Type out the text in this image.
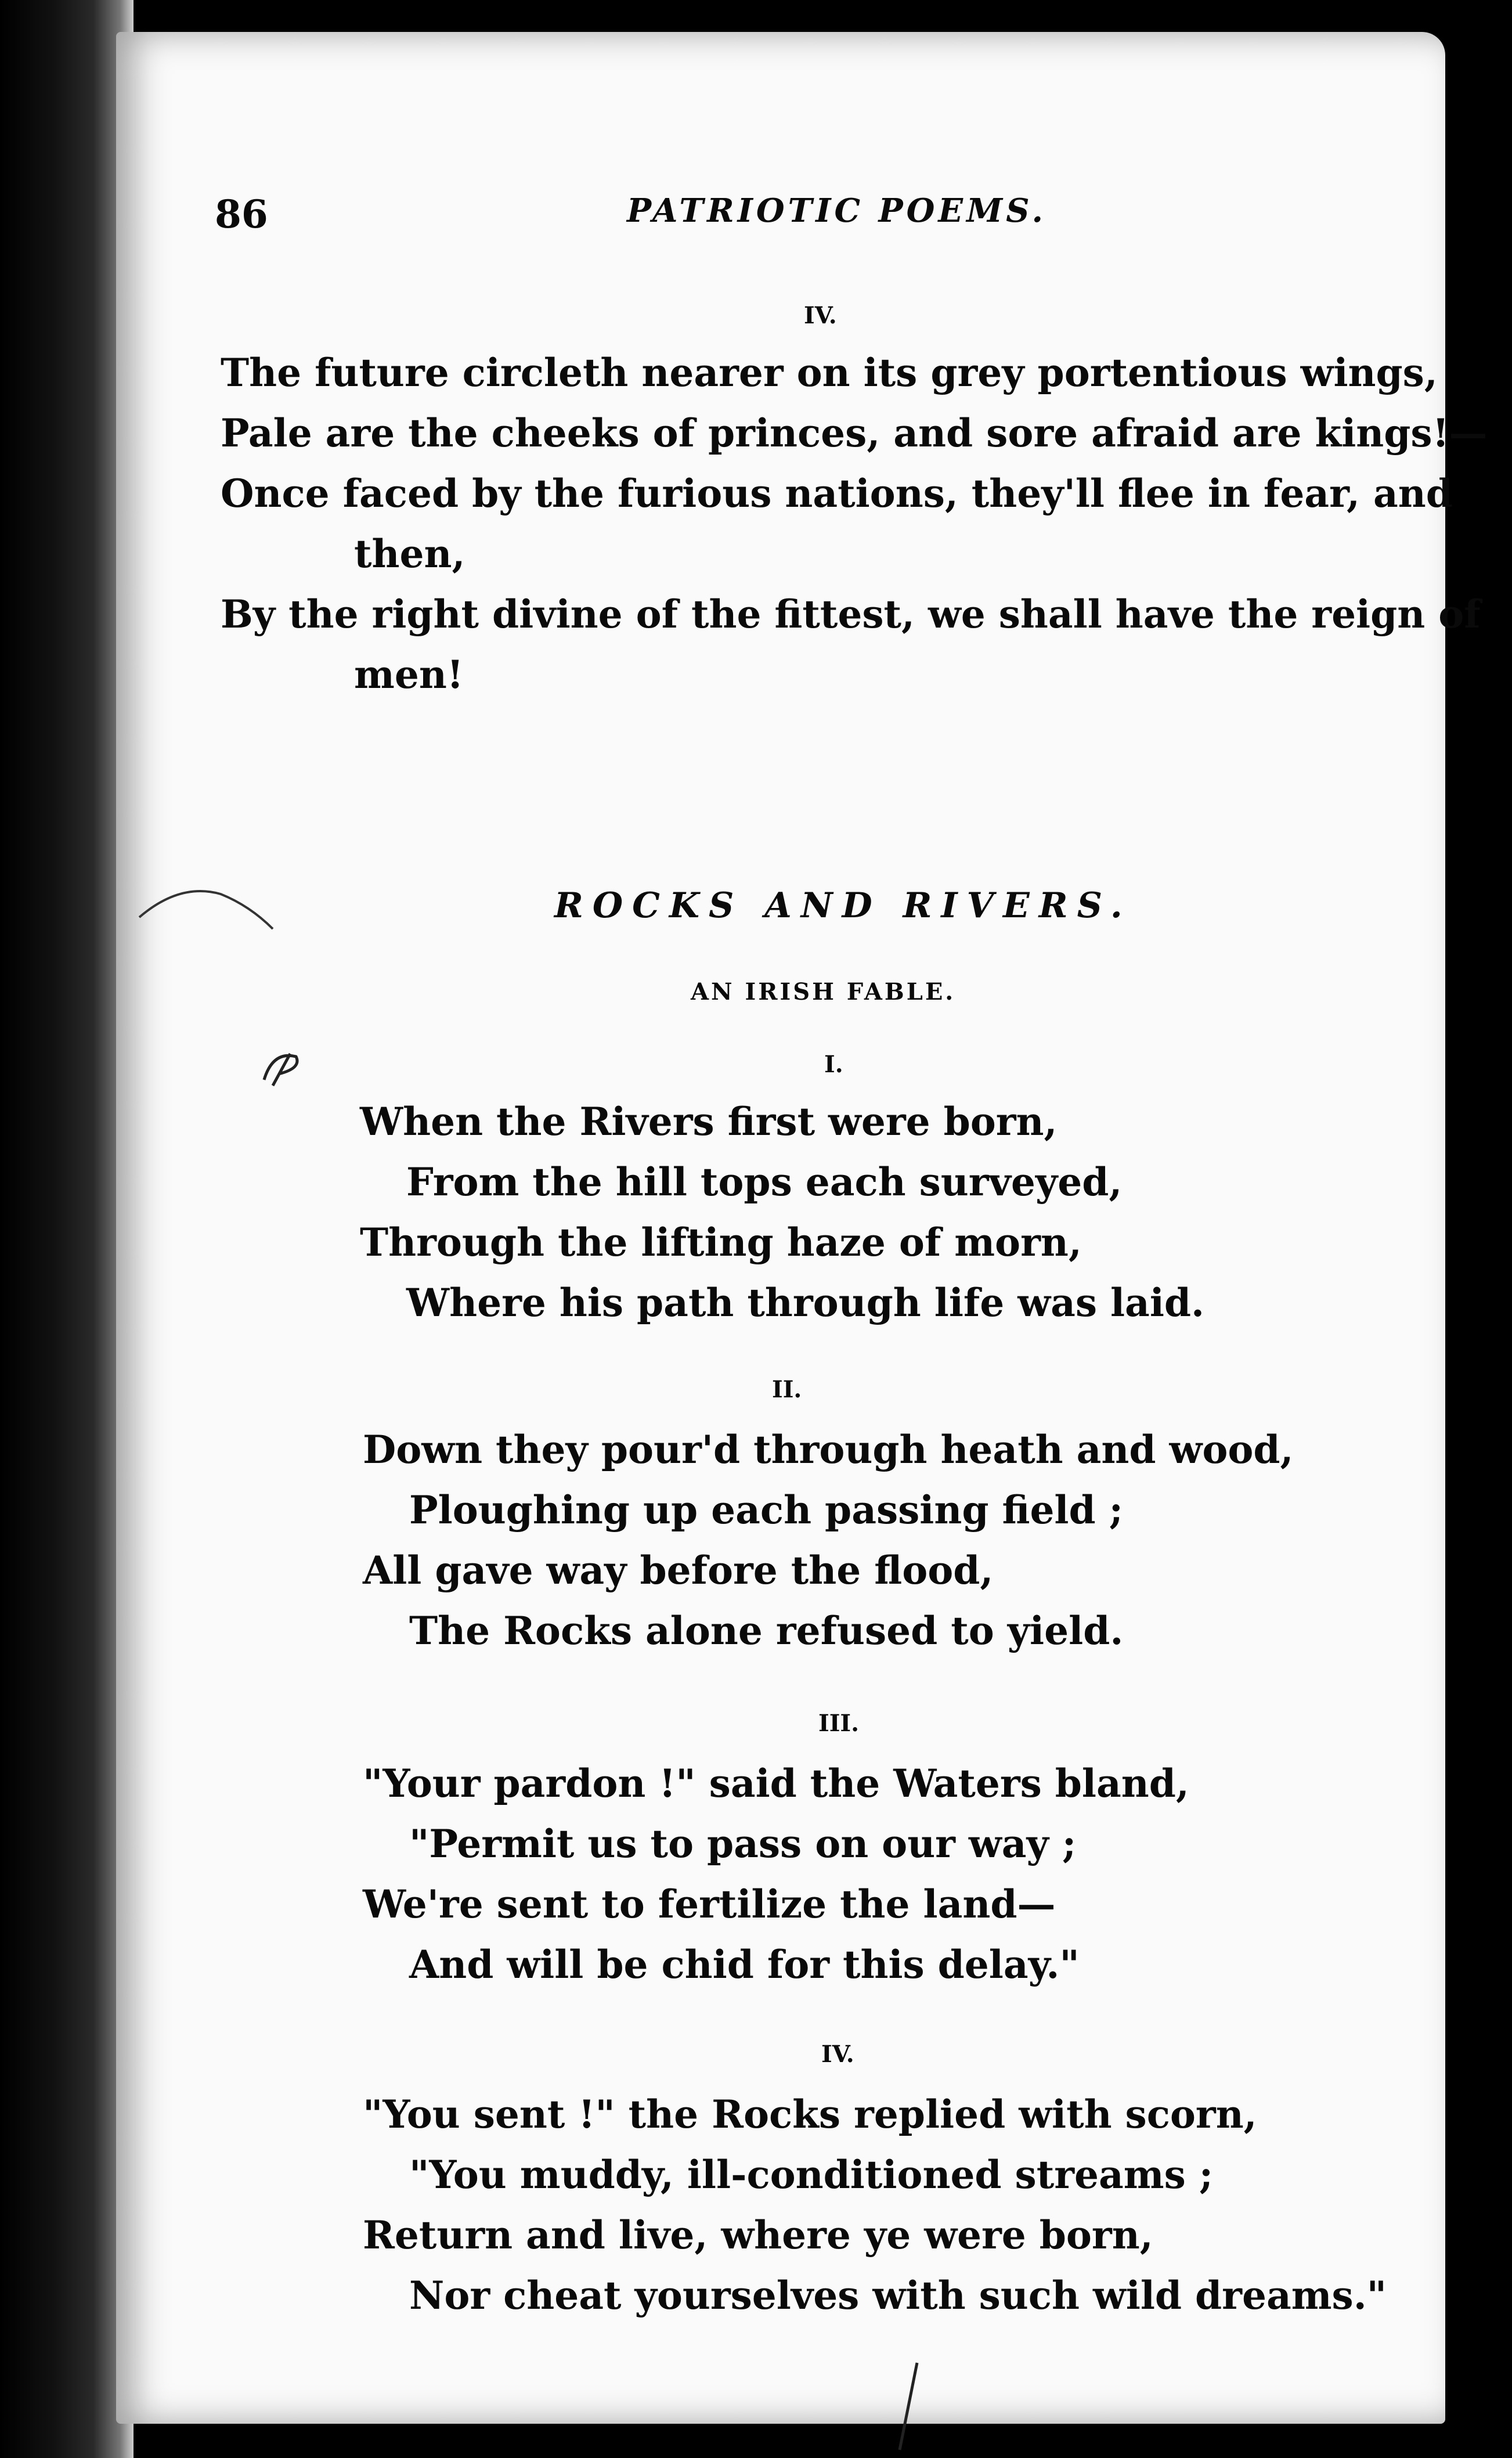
86	PATRIOTIC POEMS.
IV.
The future circleth nearer on its grey portentious wings,
Pale are the cheeks of princes, and sore afraid are kings!—
Once faced by the furious nations, they'll flee in fear, and
then,
By the right divine of the fittest, we shall have the reign of
men!
ROCKS AND RIVERS.
AN IRISH FABLE.
I.
When the Rivers first were born,
From the hill tops each surveyed,
Through the lifting haze of morn,
Where his path through life was laid.
II.
Down they pour'd through heath and wood,
Ploughing up each passing field ;
All gave way before the flood,
The Rocks alone refused to yield.
III.
"Your pardon !" said the Waters bland,
"Permit us to pass on our way ;
We're sent to fertilize the land—
And will be chid for this delay."
IV.
"You sent !" the Rocks replied with scorn,
"You muddy, ill-conditioned streams ;
Return and live, where ye were born,
Nor cheat yourselves with such wild dreams."
